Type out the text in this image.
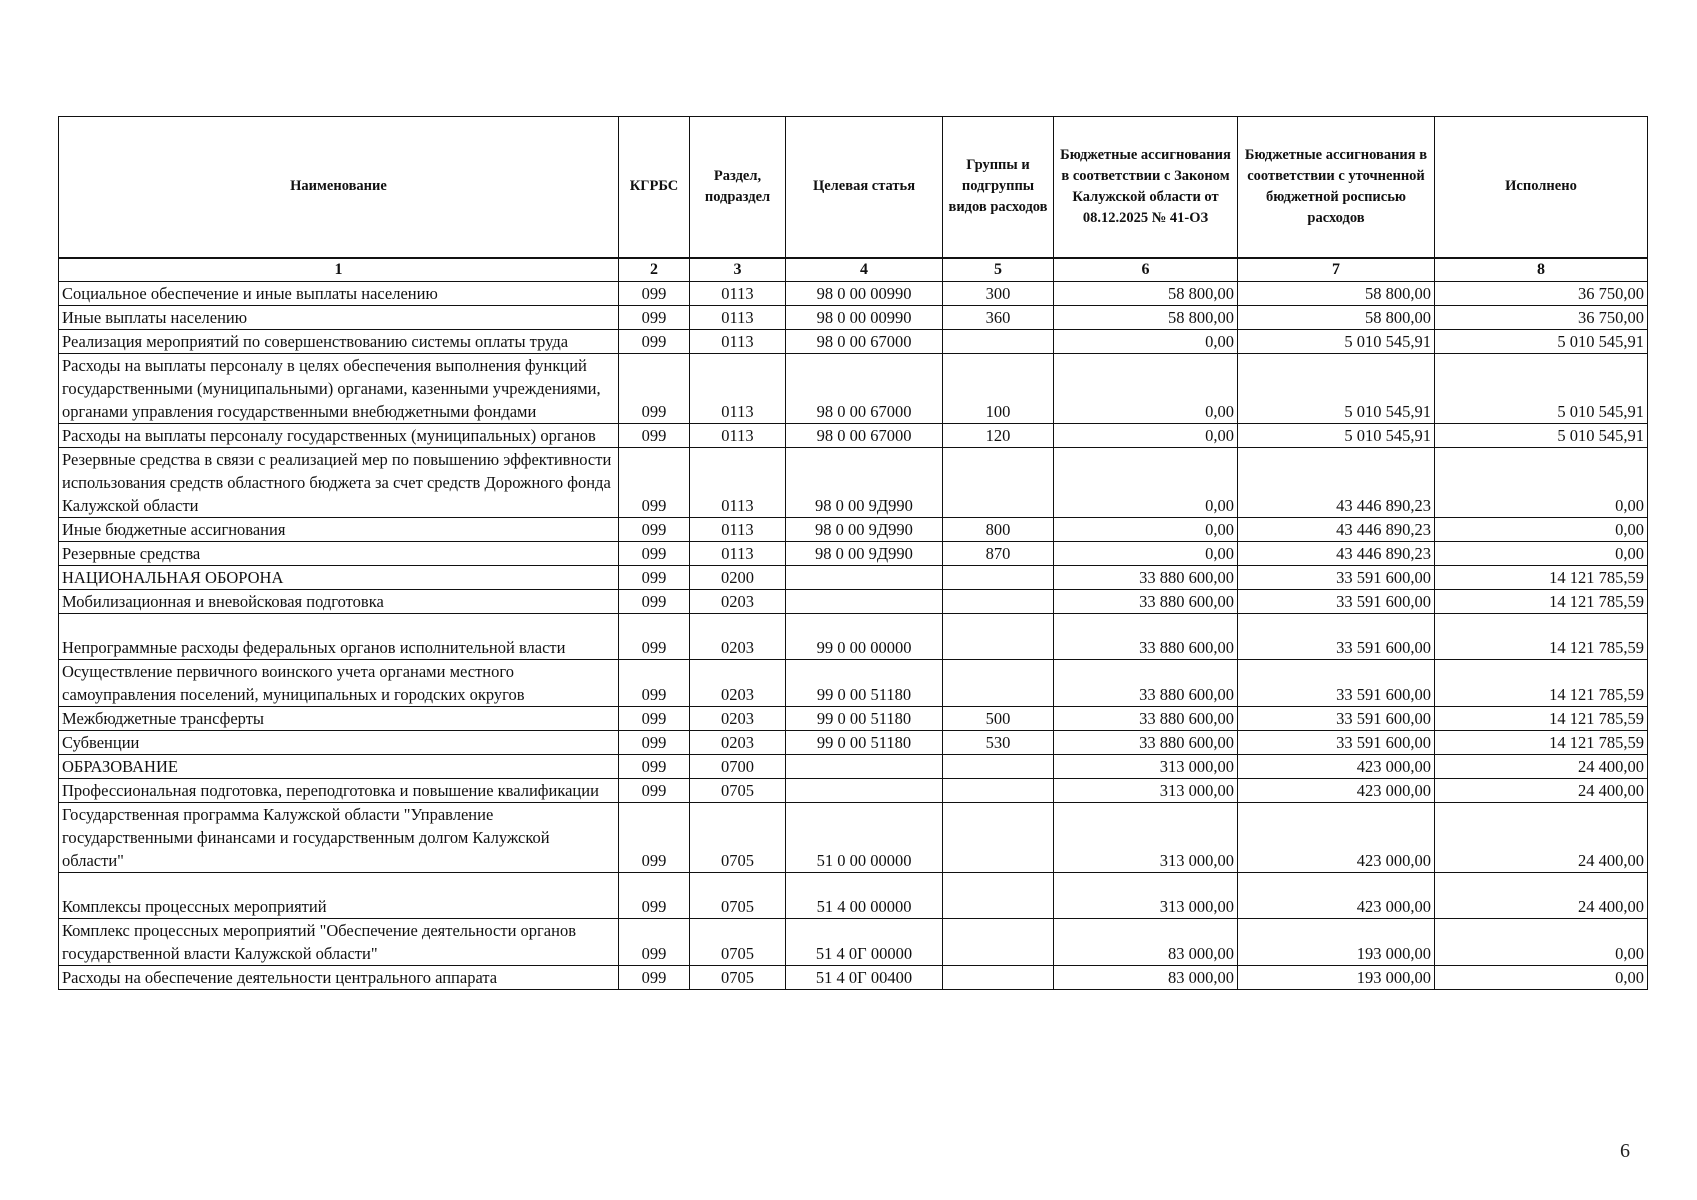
Наименование	КГРБС	Раздел, подраздел	Целевая статья	Группы и подгруппы видов расходов	Бюджетные ассигнования в соответствии с Законом Калужской области от 08.12.2025 № 41-ОЗ	Бюджетные ассигнования в соответствии с уточненной бюджетной росписью расходов	Исполнено
1	2	3	4	5	6	7	8
Социальное обеспечение и иные выплаты населению	099	0113	98 0 00 00990	300	58 800,00	58 800,00	36 750,00
Иные выплаты населению	099	0113	98 0 00 00990	360	58 800,00	58 800,00	36 750,00
Реализация мероприятий по совершенствованию системы оплаты труда	099	0113	98 0 00 67000		0,00	5 010 545,91	5 010 545,91
Расходы на выплаты персоналу в целях обеспечения выполнения функций государственными (муниципальными) органами, казенными учреждениями, органами управления государственными внебюджетными фондами	099	0113	98 0 00 67000	100	0,00	5 010 545,91	5 010 545,91
Расходы на выплаты персоналу государственных (муниципальных) органов	099	0113	98 0 00 67000	120	0,00	5 010 545,91	5 010 545,91
Резервные средства в связи с реализацией мер по повышению эффективности использования средств областного бюджета за счет средств Дорожного фонда Калужской области	099	0113	98 0 00 9Д990		0,00	43 446 890,23	0,00
Иные бюджетные ассигнования	099	0113	98 0 00 9Д990	800	0,00	43 446 890,23	0,00
Резервные средства	099	0113	98 0 00 9Д990	870	0,00	43 446 890,23	0,00
НАЦИОНАЛЬНАЯ ОБОРОНА	099	0200			33 880 600,00	33 591 600,00	14 121 785,59
Мобилизационная и вневойсковая подготовка	099	0203			33 880 600,00	33 591 600,00	14 121 785,59
Непрограммные расходы федеральных органов исполнительной власти	099	0203	99 0 00 00000		33 880 600,00	33 591 600,00	14 121 785,59
Осуществление первичного воинского учета органами местного самоуправления поселений, муниципальных и городских округов	099	0203	99 0 00 51180		33 880 600,00	33 591 600,00	14 121 785,59
Межбюджетные трансферты	099	0203	99 0 00 51180	500	33 880 600,00	33 591 600,00	14 121 785,59
Субвенции	099	0203	99 0 00 51180	530	33 880 600,00	33 591 600,00	14 121 785,59
ОБРАЗОВАНИЕ	099	0700			313 000,00	423 000,00	24 400,00
Профессиональная подготовка, переподготовка и повышение квалификации	099	0705			313 000,00	423 000,00	24 400,00
Государственная программа Калужской области "Управление государственными финансами и государственным долгом Калужской области"	099	0705	51 0 00 00000		313 000,00	423 000,00	24 400,00
Комплексы процессных мероприятий	099	0705	51 4 00 00000		313 000,00	423 000,00	24 400,00
Комплекс процессных мероприятий "Обеспечение деятельности органов государственной власти Калужской области"	099	0705	51 4 0Г 00000		83 000,00	193 000,00	0,00
Расходы на обеспечение деятельности центрального аппарата	099	0705	51 4 0Г 00400		83 000,00	193 000,00	0,00
6
